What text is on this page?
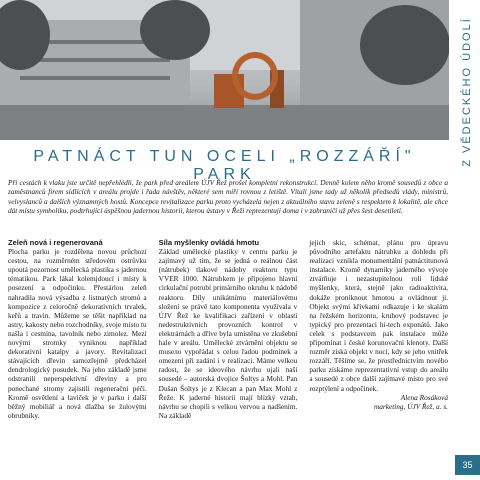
Z VĚDECKÉHO ÚDOLÍ
PATNÁCT TUN OCELI „ROZZÁŘÍ" PARK
Při cestách k vlaku jste určitě nepřehlédli, že park před areálem ÚJV Řež prošel kompletní rekonstrukcí. Denně kolem něho kromě sousedů z obce a zaměstnanců firem sídlících v areálu projde i řada návštěv, některé sem míří rovnou z letiště. Vítali jsme tady už několik předsedů vlády, ministrů, velvyslanců a dalších významných hostů. Koncepce revitalizace parku proto vycházela nejen z aktuálního stavu zeleně s respektem k lokalitě, ale chce dát místu symboliku, podtrhující úspěšnou jadernou historii, kterou ústavy v Řeži reprezentují doma i v zahraničí už přes šest desetiletí.
Zeleň nová i regenerovaná

Plocha parku je rozdělena novou průchozí cestou, na rozměrném středovém ostrůvku upoutá pozornost umělecká plastika s jadernou tématikou. Park lákal kolemjdoucí i místy k posezení a odpočinku. Přestárlou zeleň nahradila nová výsadba z listnatých stromů a kompozice z celoročně dekorativních trvalek, keřů a travin. Můžeme se těšit například na astry, kakosty nebo rozchodníky, svoje místo tu našla i cesmína, tavolník nebo zimolez. Mezi novými stromky vyniknou například dekorativní katalpy a javory. Revitalizací stávajících dřevin samozřejmě předcházel dendrologický posudek. Na jeho základě jsme odstranili neperspektivní dřeviny a pro ponechané stromy zajistili regenerační péči. Kromě osvětlení a laviček je v parku i další běžný mobiliář a nová dlažba se žulovými obrubníky.

Síla myšlenky ovládá hmotu

Základ umělecké plastiky v centru parku je zajímavý už tím, že se jedná o reálnou část (nátrubek) tlakové nádoby reaktoru typu VVER 1000. Nátrubkem je připojeno hlavní cirkulační potrubí primárního okruhu k nádobě reaktoru. Díly unikátnímu materiálovému složení se právě tato komponenta využívala v ÚJV Řež ke kvalifikaci zařízení v oblasti nedestruktivních provozních kontrol v elektrárnách a dříve byla umístěna ve zkušební hale v areálu. Umělecké ztvárnění objektu se musело vypořádat s celou řadou podmínek a omezení při zadání i v realizaci. Máme velkou radost, že se ideového návrhu ujali naši sousedé – autorská dvojice Šoltys a Mohl. Pan Dušan Šoltys je z Klecan a pan Max Mohl z Řeže. K jaderné historii mají blízký vztah, návrhu se chopili s velkou vervou a nadšením. Na základě

jejich skic, schémat, plánu pro úpravu původního artefaktu nátrubku a dohledu při realizaci vznikla monumentální patnáctitunová instalace. Kromě dynamiky jaderného vývoje ztvárňuje i nezastupitelnou roli lidské myšlenky, která, stejně jako radioaktivita, dokáže proniknout hmotou a ovládnout ji. Objekt svými křivkami odkazuje i ke skalám na řežském horizontu, kruhový podstavec je typický pro prezentaci hi-tech exponátů. Jako celek s podstavcem pak instalace může připomínat i české korunovační klenoty. Další rozměr získá objekt v noci, kdy se jeho vnitřek rozzáří. Těšíme se, že prostřednictvím nového parku získáme reprezentativní vstup do areálu a sousedé z obce další zajímavé místo pro své rozptýlení a odpočinek.

Alena Rosáková

marketing, ÚJV Řež, a. s.

35
